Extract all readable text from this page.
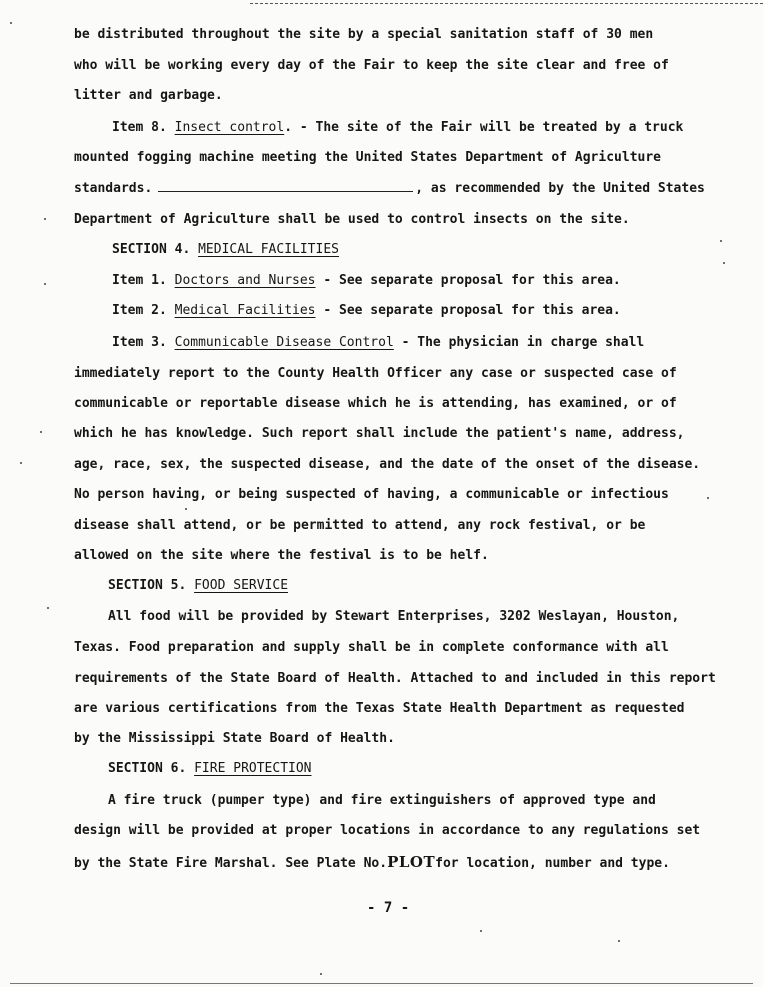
be distributed throughout the site by a special sanitation staff of 30 men
who will be working every day of the Fair to keep the site clear and free of
litter and garbage.
Item 8. Insect control. - The site of the Fair will be treated by a truck
mounted fogging machine meeting the United States Department of Agriculture
standards.	, as recommended by the United States
Department of Agriculture shall be used to control insects on the site.
SECTION 4. MEDICAL FACILITIES
Item 1. Doctors and Nurses - See separate proposal for this area.
Item 2. Medical Facilities - See separate proposal for this area.
Item 3. Communicable Disease Control - The physician in charge shall
immediately report to the County Health Officer any case or suspected case of
communicable or reportable disease which he is attending, has examined, or of
which he has knowledge. Such report shall include the patient's name, address,
age, race, sex, the suspected disease, and the date of the onset of the disease.
No person having, or being suspected of having, a communicable or infectious
disease shall attend, or be permitted to attend, any rock festival, or be
allowed on the site where the festival is to be helf.
SECTION 5. FOOD SERVICE
All food will be provided by Stewart Enterprises, 3202 Weslayan, Houston,
Texas. Food preparation and supply shall be in complete conformance with all
requirements of the State Board of Health. Attached to and included in this report
are various certifications from the Texas State Health Department as requested
by the Mississippi State Board of Health.
SECTION 6. FIRE PROTECTION
A fire truck (pumper type) and fire extinguishers of approved type and
design will be provided at proper locations in accordance to any regulations set
by the State Fire Marshal. See Plate No.PLOTfor location, number and type.
- 7 -
